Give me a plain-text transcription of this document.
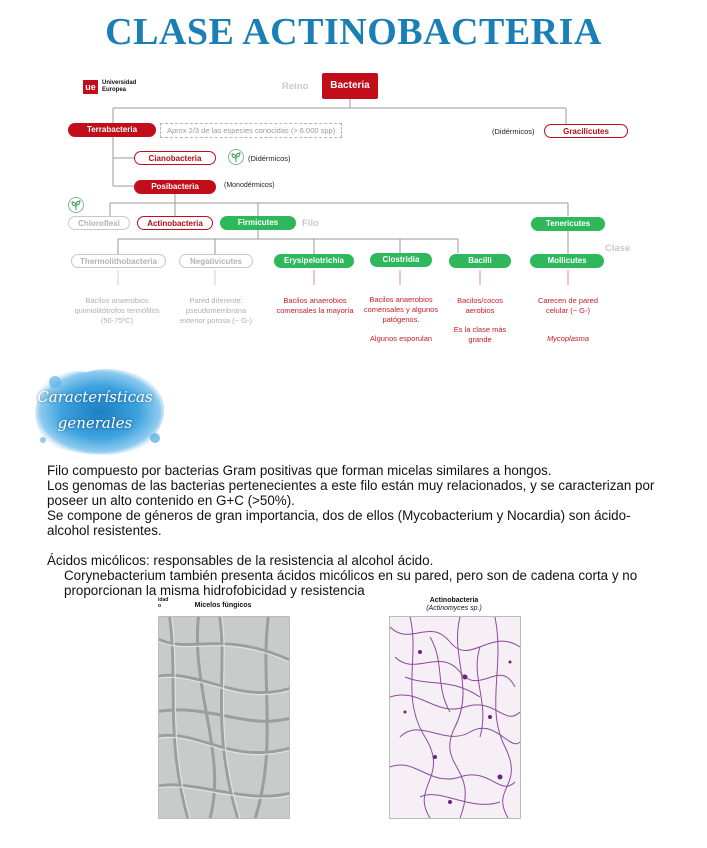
CLASE ACTINOBACTERIA
ue	Universidad
Europea	Reino	Bacteria
Terrabacteria	Aprox 2/3 de las especies conocidas (> 6.000 spp)	(Didérmicos)	Gracilicutes
Cianobacteria	(Didérmicos)
Posibacteria	(Monodérmicos)
Chloroflexi	Actinobacteria	Firmicutes	Filo	Tenericutes
Clase
Thermolithobacteria	Negativicutes	Erysipelotrichia	Clostridia	Bacilli	Mollicutes
Bacilos anaerobios quimiolitótrofos termófilos (50-75ºC)
Pared diferente: pseudomembrana exterior porosa (~ G-)
Bacilos anaerobios comensales la mayoría
Bacilos anaerobios comensales y algunos patógenos.
Algunos esporulan
Bacilos/cocos aerobios
Es la clase más grande
Carecen de pared celular (~ G-)
Mycoplasma
Características
generales
Filo compuesto por bacterias Gram positivas que forman micelas similares a hongos.
Los genomas de las bacterias pertenecientes a este filo están muy relacionados, y se caracterizan por poseer un alto contenido en G+C (>50%).
Se compone de géneros de gran importancia, dos de ellos (Mycobacterium y Nocardia) son ácido-alcohol resistentes.
Ácidos micólicos: responsables de la resistencia al alcohol ácido.
Corynebacterium también presenta ácidos micólicos en su pared, pero son de cadena corta y no proporcionan la misma hidrofobicidad y resistencia
idad
o	Micelos fúngicos
Actinobacteria
(Actinomyces sp.)
